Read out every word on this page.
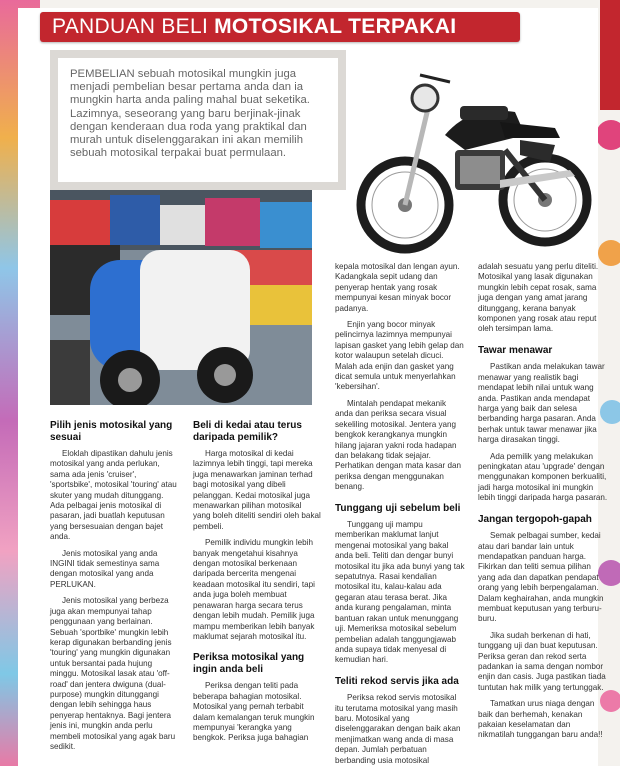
PANDUAN BELI MOTOSIKAL TERPAKAI
PEMBELIAN sebuah motosikal mungkin juga menjadi pembelian besar pertama anda dan ia mungkin harta anda paling mahal buat seketika. Lazimnya, seseorang yang baru berjinak-jinak dengan kenderaan dua roda yang praktikal dan murah untuk diselenggarakan ini akan memilih sebuah motosikal terpakai buat permulaan.
Pilih jenis motosikal yang sesuai

Eloklah dipastikan dahulu jenis motosikal yang anda perlukan, sama ada jenis 'cruiser', 'sportsbike', motosikal 'touring' atau skuter yang mudah ditunggang. Ada pelbagai jenis motosikal di pasaran, jadi buatlah keputusan yang bersesuaian dengan bajet anda.

Jenis motosikal yang anda INGINI tidak semestinya sama dengan motosikal yang anda PERLUKAN.

Jenis motosikal yang berbeza juga akan mempunyai tahap penggunaan yang berlainan. Sebuah 'sportbike' mungkin lebih kerap digunakan berbanding jenis 'touring' yang mungkin digunakan untuk bersantai pada hujung minggu. Motosikal lasak atau 'off-road' dan jentera dwiguna (dual-purpose) mungkin ditunggangi dengan lebih sehingga haus penyerap hentaknya. Bagi jentera jenis ini, mungkin anda perlu membeli motosikal yang agak baru sedikit.

Beli di kedai atau terus daripada pemilik?

Harga motosikal di kedai lazimnya lebih tinggi, tapi mereka juga menawarkan jaminan terhad bagi motosikal yang dibeli pelanggan. Kedai motosikal juga menawarkan pilihan motosikal yang boleh diteliti sendiri oleh bakal pembeli.

Pemilik individu mungkin lebih banyak mengetahui kisahnya dengan motosikal berkenaan daripada bercerita mengenai keadaan motosikal itu sendiri, tapi anda juga boleh membuat penawaran harga secara terus dengan lebih mudah. Pemilik juga mampu memberikan lebih banyak maklumat sejarah motosikal itu.

Periksa motosikal yang ingin anda beli

Periksa dengan teliti pada beberapa bahagian motosikal. Motosikal yang pernah terbabit dalam kemalangan teruk mungkin mempunyai 'kerangka yang bengkok. Periksa juga bahagian

kepala motosikal dan lengan ayun. Kadangkala sepit udang dan penyerap hentak yang rosak mempunyai kesan minyak bocor padanya.

Enjin yang bocor minyak pelincirnya lazimnya mempunyai lapisan gasket yang lebih gelap dan kotor walaupun setelah dicuci. Malah ada enjin dan gasket yang dicat semula untuk menyerlahkan 'kebersihan'.

Mintalah pendapat mekanik anda dan periksa secara visual sekeliling motosikal. Jentera yang bengkok kerangkanya mungkin hilang jajaran yakni roda hadapan dan belakang tidak sejajar. Perhatikan dengan mata kasar dan periksa dengan menggunakan benang.

Tunggang uji sebelum beli

Tunggang uji mampu memberikan maklumat lanjut mengenai motosikal yang bakal anda beli. Teliti dan dengar bunyi motosikal itu jika ada bunyi yang tak sepatutnya. Rasai kendalian motosikal itu, kalau-kalau ada gegaran atau terasa berat. Jika anda kurang pengalaman, minta bantuan rakan untuk menunggang uji. Memeriksa motosikal sebelum pembelian adalah tanggungjawab anda supaya tidak menyesal di kemudian hari.

Teliti rekod servis jika ada

Periksa rekod servis motosikal itu terutama motosikal yang masih baru. Motosikal yang diselenggarakan dengan baik akan menjimatkan wang anda di masa depan. Jumlah perbatuan berbanding usia motosikal

adalah sesuatu yang perlu diteliti. Motosikal yang lasak digunakan mungkin lebih cepat rosak, sama juga dengan yang amat jarang ditunggang, kerana banyak komponen yang rosak atau reput oleh tersimpan lama.

Tawar menawar

Pastikan anda melakukan tawar menawar yang realistik bagi mendapat lebih nilai untuk wang anda. Pastikan anda mendapat harga yang baik dan selesa berbanding harga pasaran. Anda berhak untuk tawar menawar jika harga dirasakan tinggi.

Ada pemilik yang melakukan peningkatan atau 'upgrade' dengan menggunakan komponen berkualiti, jadi harga motosikal ini mungkin lebih tinggi daripada harga pasaran.

Jangan tergopoh-gapah

Semak pelbagai sumber, kedai atau dari bandar lain untuk mendapatkan panduan harga. Fikirkan dan teliti semua pilihan yang ada dan dapatkan pendapat orang yang lebih berpengalaman. Dalam keghairahan, anda mungkin membuat keputusan yang terburu-buru.

Jika sudah berkenan di hati, tunggang uji dan buat keputusan. Periksa geran dan rekod serta padankan ia sama dengan nombor enjin dan casis. Juga pastikan tiada tuntutan hak milik yang tertunggak.

Tamatkan urus niaga dengan baik dan berhemah, kenakan pakaian keselamatan dan nikmatilah tunggangan baru anda!!
